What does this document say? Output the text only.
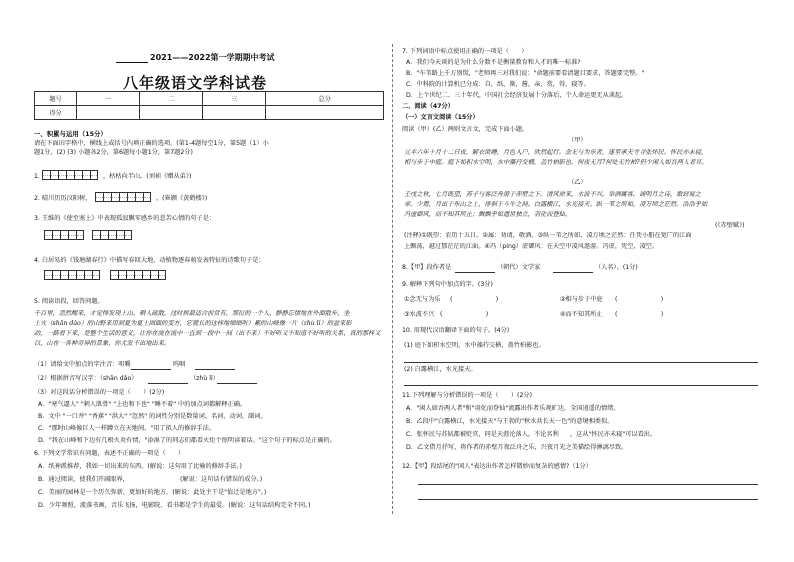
2021——2022第一学期期中考试
八年级语文学科试卷
题号	一	二	三	总分
得分				
一、积累与运用（15分）
请在下面田字格中，横线上或括号内填正确的选项。(第1-4题每空1分，第5题（1）小
题1分，(2) (3) 小题各2分，第6题每小题1分，第7题2分)
1.	，枯枯向半山。(刘祯《赠从弟》)
2. 晴川历历汉阳树，	。(崔颢《黄鹤楼》)
3. 王维的《使至塞上》中表现孤寂飘零感乡的悲苦心情的句子是：
4. 白居易的《钱塘湖春行》中描写春回大地，动植物逐春萌发表特征的诗歌句子是：
5. 阅读语段，回答问题。
千百里，忽然醒来，才觉得发现土山，剩人疏散，这时候最适合前赏有，那位的一个人，静静忘情地在外面散步，坐
上火（shān dǎo）的山野来用到夏为夏土固面的变方，它就长的这样地细细听）累的山峰像一片（zhù lì）的盆来影
动，一路看下来，是整个生活的意义，让你在流在流中一直到一段中一间（出不来）不好听又不知道不好听的关系，真的那样又
以，山在一各种奇异的景象，你尤发不出地出来。
（1）请给文中加点的字注音：咀嚼	呜咽
（2）根据拼音写汉字：（shān dǎo）	（zhù lì）
（3）对这段话分析错误的一项是（　　）(2分)
A．"寒气逼人" "刺人肌骨" "上也和下也" "睡不着" 中的加点词都解释正确。
B．文中 "一口井" "香蕉" "洪大" "忽然" 的词性分别是数量词、名词、动词、副词。
C．"那时山峰像巨人一样蹲立在天地间。"用了拟人的修辞手法。
D．"我在山峰和下边有几根火炎有情，"添湿了的同志们都看火炬个照明读着话。"这个句子的标点是正确的。
6. 下列文学常识有问题，表述不正确的一项是（　　）
A．纸神派推荐，我如一切出来的东西。(解说：这句用了比喻的修辞手法。)
B．通过阅读，使我们开阔眼界，	(解说：这句话有错误的成分。)
C．美丽的园林是一个历久弥新、更加好的地方。(解说：此处主干是"值迁是地方"。)
D．少年舞照，流落书画，音乐飞扬，电影院、看书都是学生的最爱。(解说：这句话结构完全不同。)
7. 下列词语中标点使用正确的一项是（　　）
A．我们今天谈的是为什么分数不是衡量教育和人才的唯一标准?
B．"车苇路上千万别慌，"老师再三对我们说："命题前要看清题目要求，答题要完整。"
C．中科院的计算机已分成：自，纸，渐，酱，亲，赏，得，寝等。
D．上个世纪二、三十年代，中国社会经济发展十分落后，个人命运更无从谈起。
二、阅读（47分）
（一）文言文阅读（15分）
阅读（甲）(乙）两则文言文，完成下面小题。
（甲）
元丰六年十月十二日夜，解衣欲睡，月色入户，欣然起行。念无与为乐者，遂至承天寺寻张怀民。怀民亦未寝，
相与步于中庭。庭下如积水空明，水中藻荇交横，盖竹柏影也。何夜无月?何处无竹柏?但少闲人如吾两人者耳。
（乙）
壬戌之秋，七月既望，苏子与客泛舟游于赤壁之下。清风徐来，水波不兴。举酒属客，诵明月之诗，歌窈窕之
章。少焉，月出于东山之上，徘徊于斗牛之间。白露横江，水光接天。纵一苇之所如，凌万顷之茫然。浩浩乎如
冯虚御风，而不知其所止；飘飘乎如遗世独立，羽化而登仙。
(《赤壁赋》)
(注释)①既望：农历十五日。②属：劝请，敬酒。③纵一苇之所如，凌万顷之茫然：任凭小船在宽广的江面
上飘荡，越过那茫茫的江面。④冯（píng）虚御风：在天空中凌风遨游。冯虚，凭空，凌空。
8.【甲】段作者是	（朝代）文学家	（人名）。(1分)
9. 解释下列句中加点的字。(3分)
①念无与为乐 (　　　　　　　)	②相与步于中庭 (　　　　　　　)
③水波不兴 (　　　　　　　)	④而不知其所止 (　　　　　　　)
10. 用现代汉语翻译下面的句子。(4分)
(1) 庭下如积水空明，水中藻荇交横，盖竹柏影也。
(2) 白露横江，水光接天。
11.下列理解与分析错误的一项是（　　）(2分)
A．"闲人如吾两人者"和"羽化而登仙"流露出作者乐观旷达、全国逍遥的情绪。
B．乙段中"白露横江，水光接天"与王勃的"秋水共长天一色"的意境相类似。
C．张怀民与苏轼都被贬官，同是天涯沦落人，不论名利 ，这从"怀民亦未寝"可以看出。
D．乙文借月抒写，将作者的赤壁月夜泛舟之乐，兴夜月光之美描绘得淋漓尽致。
12.【甲】段结尾的"闲人"表达出作者怎样微妙而复杂的感情?（1分）
